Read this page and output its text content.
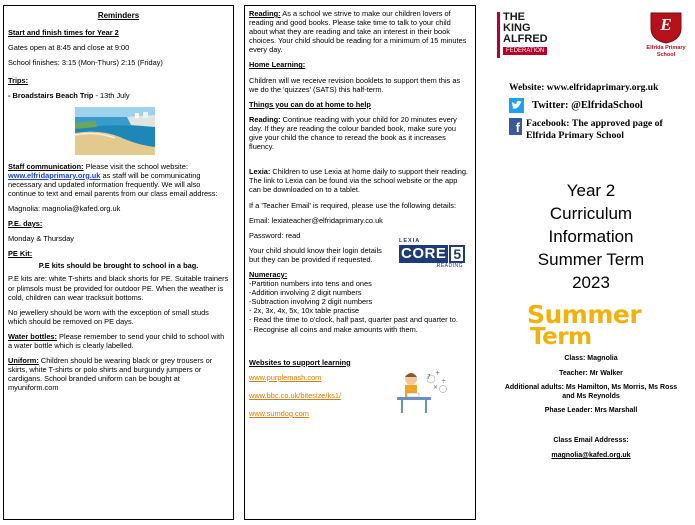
Reminders

Start and finish times for Year 2

Gates open at 8:45 and close at 9:00

School finishes: 3:15 (Mon-Thurs) 2:15 (Friday)

Trips:

- Broadstairs Beach Trip - 13th July

Staff communication: Please visit the school website: www.elfridaprimary.org.uk as staff will be communicating necessary and updated information frequently. We will also continue to text and email parents from our class email address:

Magnolia: magnolia@kafed.org.uk

P.E. days:

Monday & Thursday

PE Kit:

P.E kits should be brought to school in a bag.

P.E kits are: white T-shirts and black shorts for PE. Suitable trainers or plimsols must be provided for outdoor PE. When the weather is cold, children can wear tracksuit bottoms.

No jewellery should be worn with the exception of small studs which should be removed on PE days.

Water bottles: Please remember to send your child to school with a water bottle which is clearly labelled.

Uniform: Children should be wearing black or grey trousers or skirts, white T-shirts or polo shirts and burgundy jumpers or cardigans. School branded uniform can be bought at myuniform.com

Reading: As a school we strive to make our children lovers of reading and good books. Please take time to talk to your child about what they are reading and take an interest in their book choices. Your child should be reading for a minimum of 15 minutes every day.

Home Learning:

Children will we receive revision booklets to support them this as we do the 'quizzes' (SATS) this half-term.

Things you can do at home to help

Reading: Continue reading with your child for 20 minutes every day. If they are reading the colour banded book, make sure you give your child the chance to reread the book as it increases fluency.

Lexia: Children to use Lexia at home daily to support their reading. The link to Lexia can be found via the school website or the app can be downloaded on to a tablet.

If a 'Teacher Email' is required, please use the following details:

Email: lexiateacher@elfridaprimary.co.uk

Password: read

Your child should know their login details but they can be provided if requested.

LEXIA
CORE 5
READING

Numeracy:

-Partition numbers into tens and ones

-Addition involving 2 digit numbers

-Subtraction involving 2 digit numbers

- 2x, 3x, 4x, 5x, 10x table practise

- Read the time to o'clock, half past, quarter past and quarter to.

- Recognise all coins and make amounts with them.

Websites to support learning

www.purplemash.com

www.bbc.co.uk/bitesize/ks1/

www.sumdog.com

? +
÷
×
THE
KING
ALFRED
FEDERATION
E
Elfrida Primary School
Website: www.elfridaprimary.org.uk
Twitter: @ElfridaSchool
f Facebook: The approved page of Elfrida Primary School
Year 2
Curriculum
Information
Summer Term
2023
Summer
Term
Class: Magnolia
Teacher: Mr Walker
Additional adults: Ms Hamilton, Ms Morris, Ms Ross and Ms Reynolds
Phase Leader: Mrs Marshall
Class Email Addresss:
magnolia@kafed.org.uk
